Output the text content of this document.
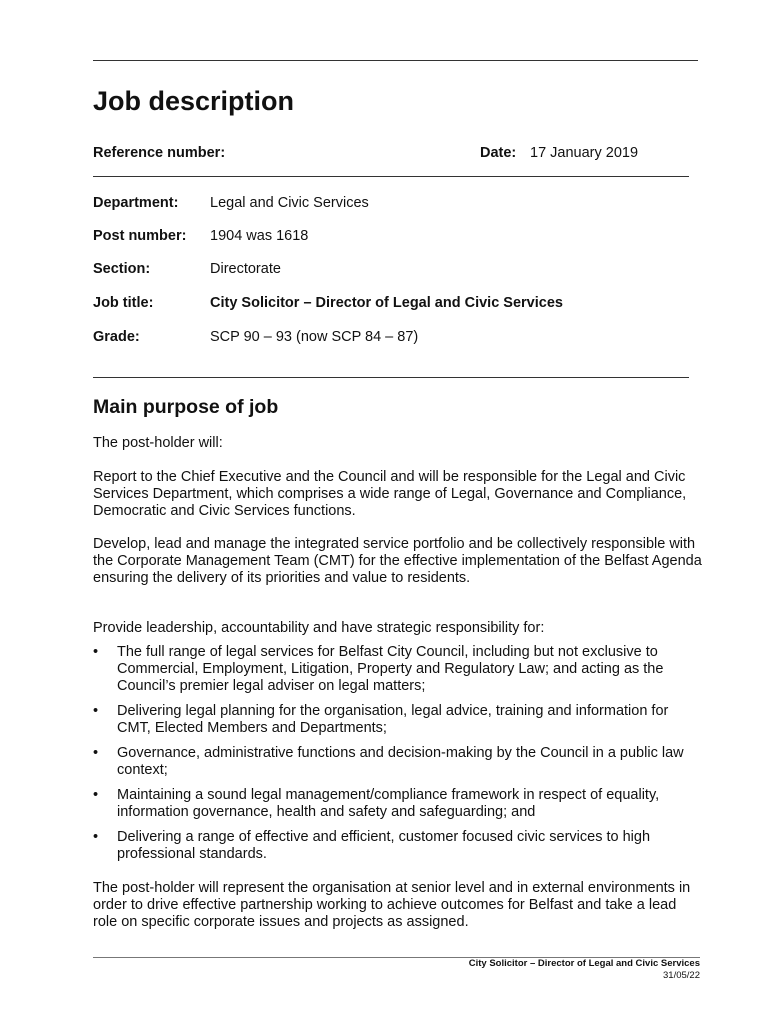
Job description
Reference number:	Date: 17 January 2019
Department: Legal and Civic Services
Post number: 1904 was 1618
Section:	Directorate
Job title:	City Solicitor – Director of Legal and Civic Services
Grade:	SCP 90 – 93 (now SCP 84 – 87)
Main purpose of job

The post-holder will:

Report to the Chief Executive and the Council and will be responsible for the Legal and Civic Services Department, which comprises a wide range of Legal, Governance and Compliance, Democratic and Civic Services functions.

Develop, lead and manage the integrated service portfolio and be collectively responsible with the Corporate Management Team (CMT) for the effective implementation of the Belfast Agenda ensuring the delivery of its priorities and value to residents.

Provide leadership, accountability and have strategic responsibility for:

• The full range of legal services for Belfast City Council, including but not exclusive to Commercial, Employment, Litigation, Property and Regulatory Law; and acting as the Council’s premier legal adviser on legal matters;
• Delivering legal planning for the organisation, legal advice, training and information for CMT, Elected Members and Departments;
• Governance, administrative functions and decision-making by the Council in a public law context;
• Maintaining a sound legal management/compliance framework in respect of equality, information governance, health and safety and safeguarding; and
• Delivering a range of effective and efficient, customer focused civic services to high professional standards.

The post-holder will represent the organisation at senior level and in external environments in order to drive effective partnership working to achieve outcomes for Belfast and take a lead role on specific corporate issues and projects as assigned.

City Solicitor – Director of Legal and Civic Services
31/05/22
